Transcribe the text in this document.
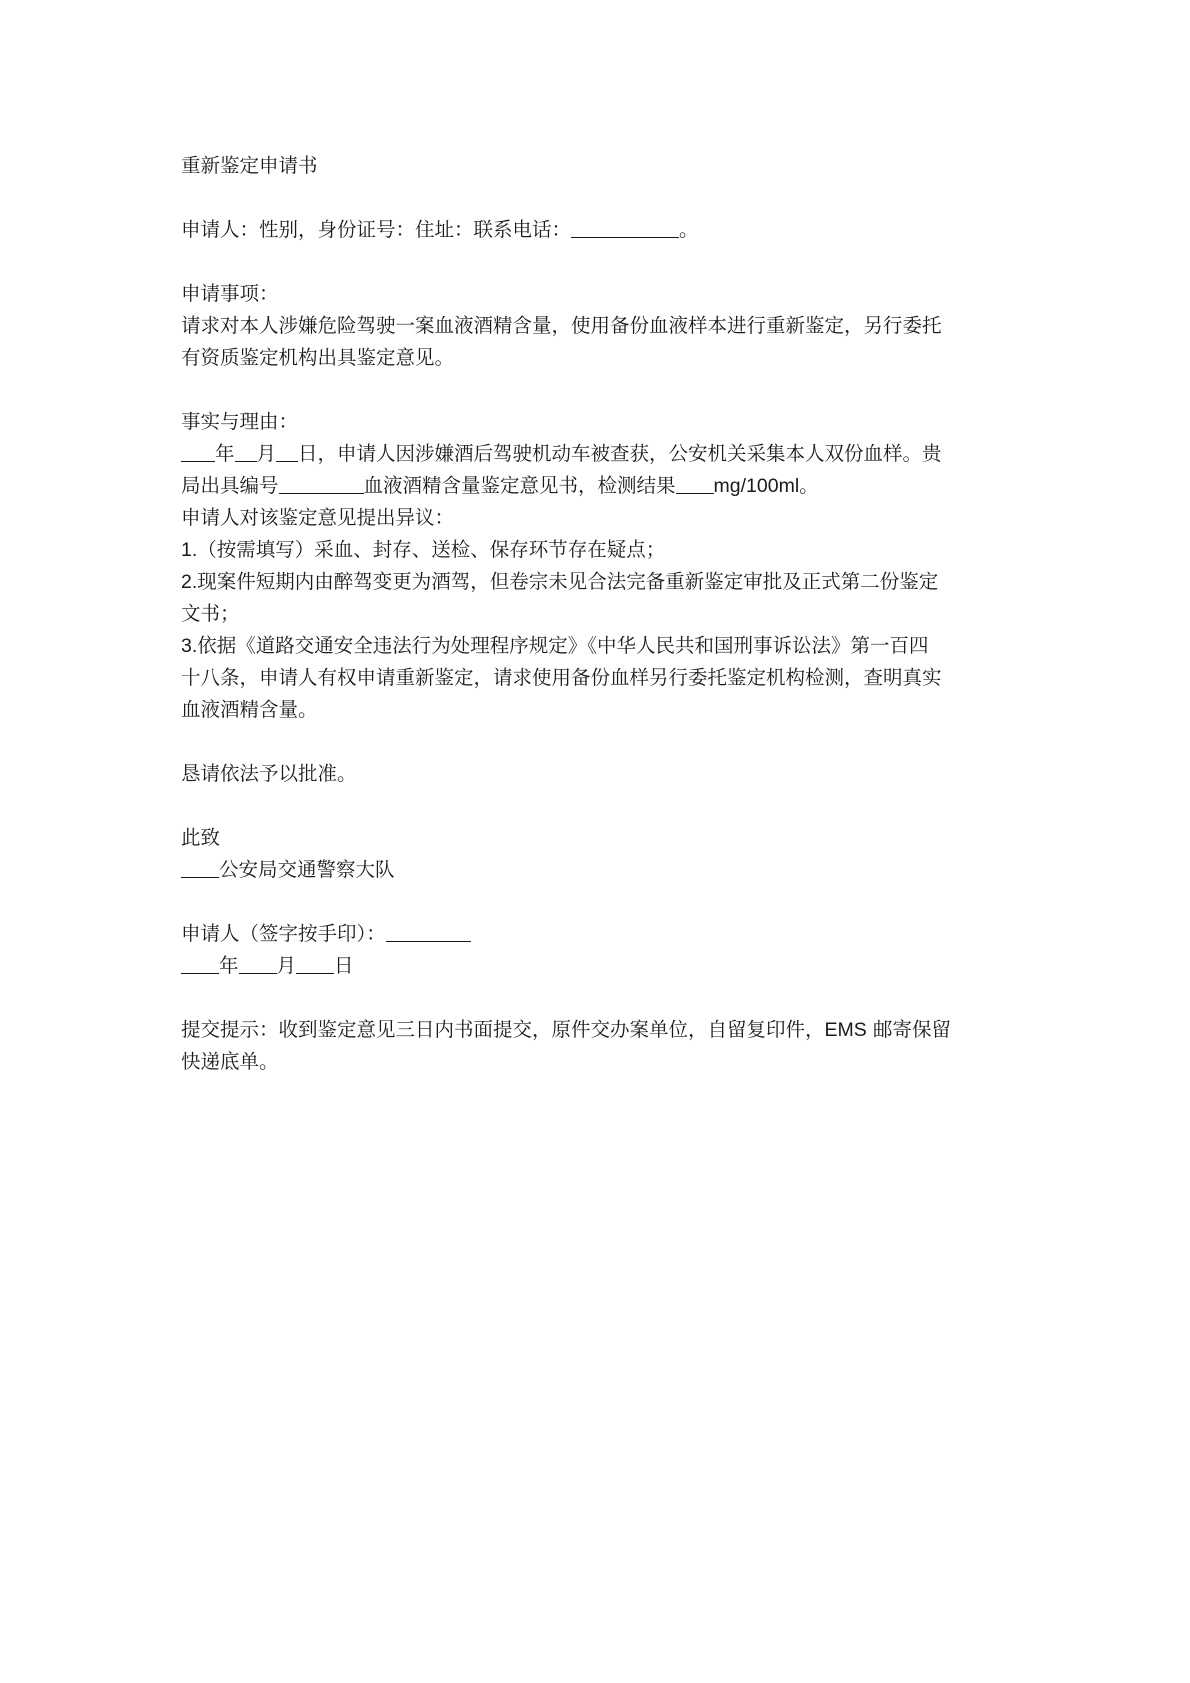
重新鉴定申请书
申请人：性别，身份证号：住址：联系电话：	。
申请事项：
请求对本人涉嫌危险驾驶一案血液酒精含量，使用备份血液样本进行重新鉴定，另行委托
有资质鉴定机构出具鉴定意见。
事实与理由：
年 月 日，申请人因涉嫌酒后驾驶机动车被查获，公安机关采集本人双份血样。贵
局出具编号	血液酒精含量鉴定意见书，检测结果 mg/100ml。
申请人对该鉴定意见提出异议：
1.（按需填写）采血、封存、送检、保存环节存在疑点；
2.现案件短期内由醉驾变更为酒驾，但卷宗未见合法完备重新鉴定审批及正式第二份鉴定
文书；
3.依据《道路交通安全违法行为处理程序规定》《中华人民共和国刑事诉讼法》第一百四
十八条，申请人有权申请重新鉴定，请求使用备份血样另行委托鉴定机构检测，查明真实
血液酒精含量。
恳请依法予以批准。
此致
公安局交通警察大队
申请人（签字按手印）：
年 月 日
提交提示：收到鉴定意见三日内书面提交，原件交办案单位，自留复印件，EMS 邮寄保留
快递底单。
